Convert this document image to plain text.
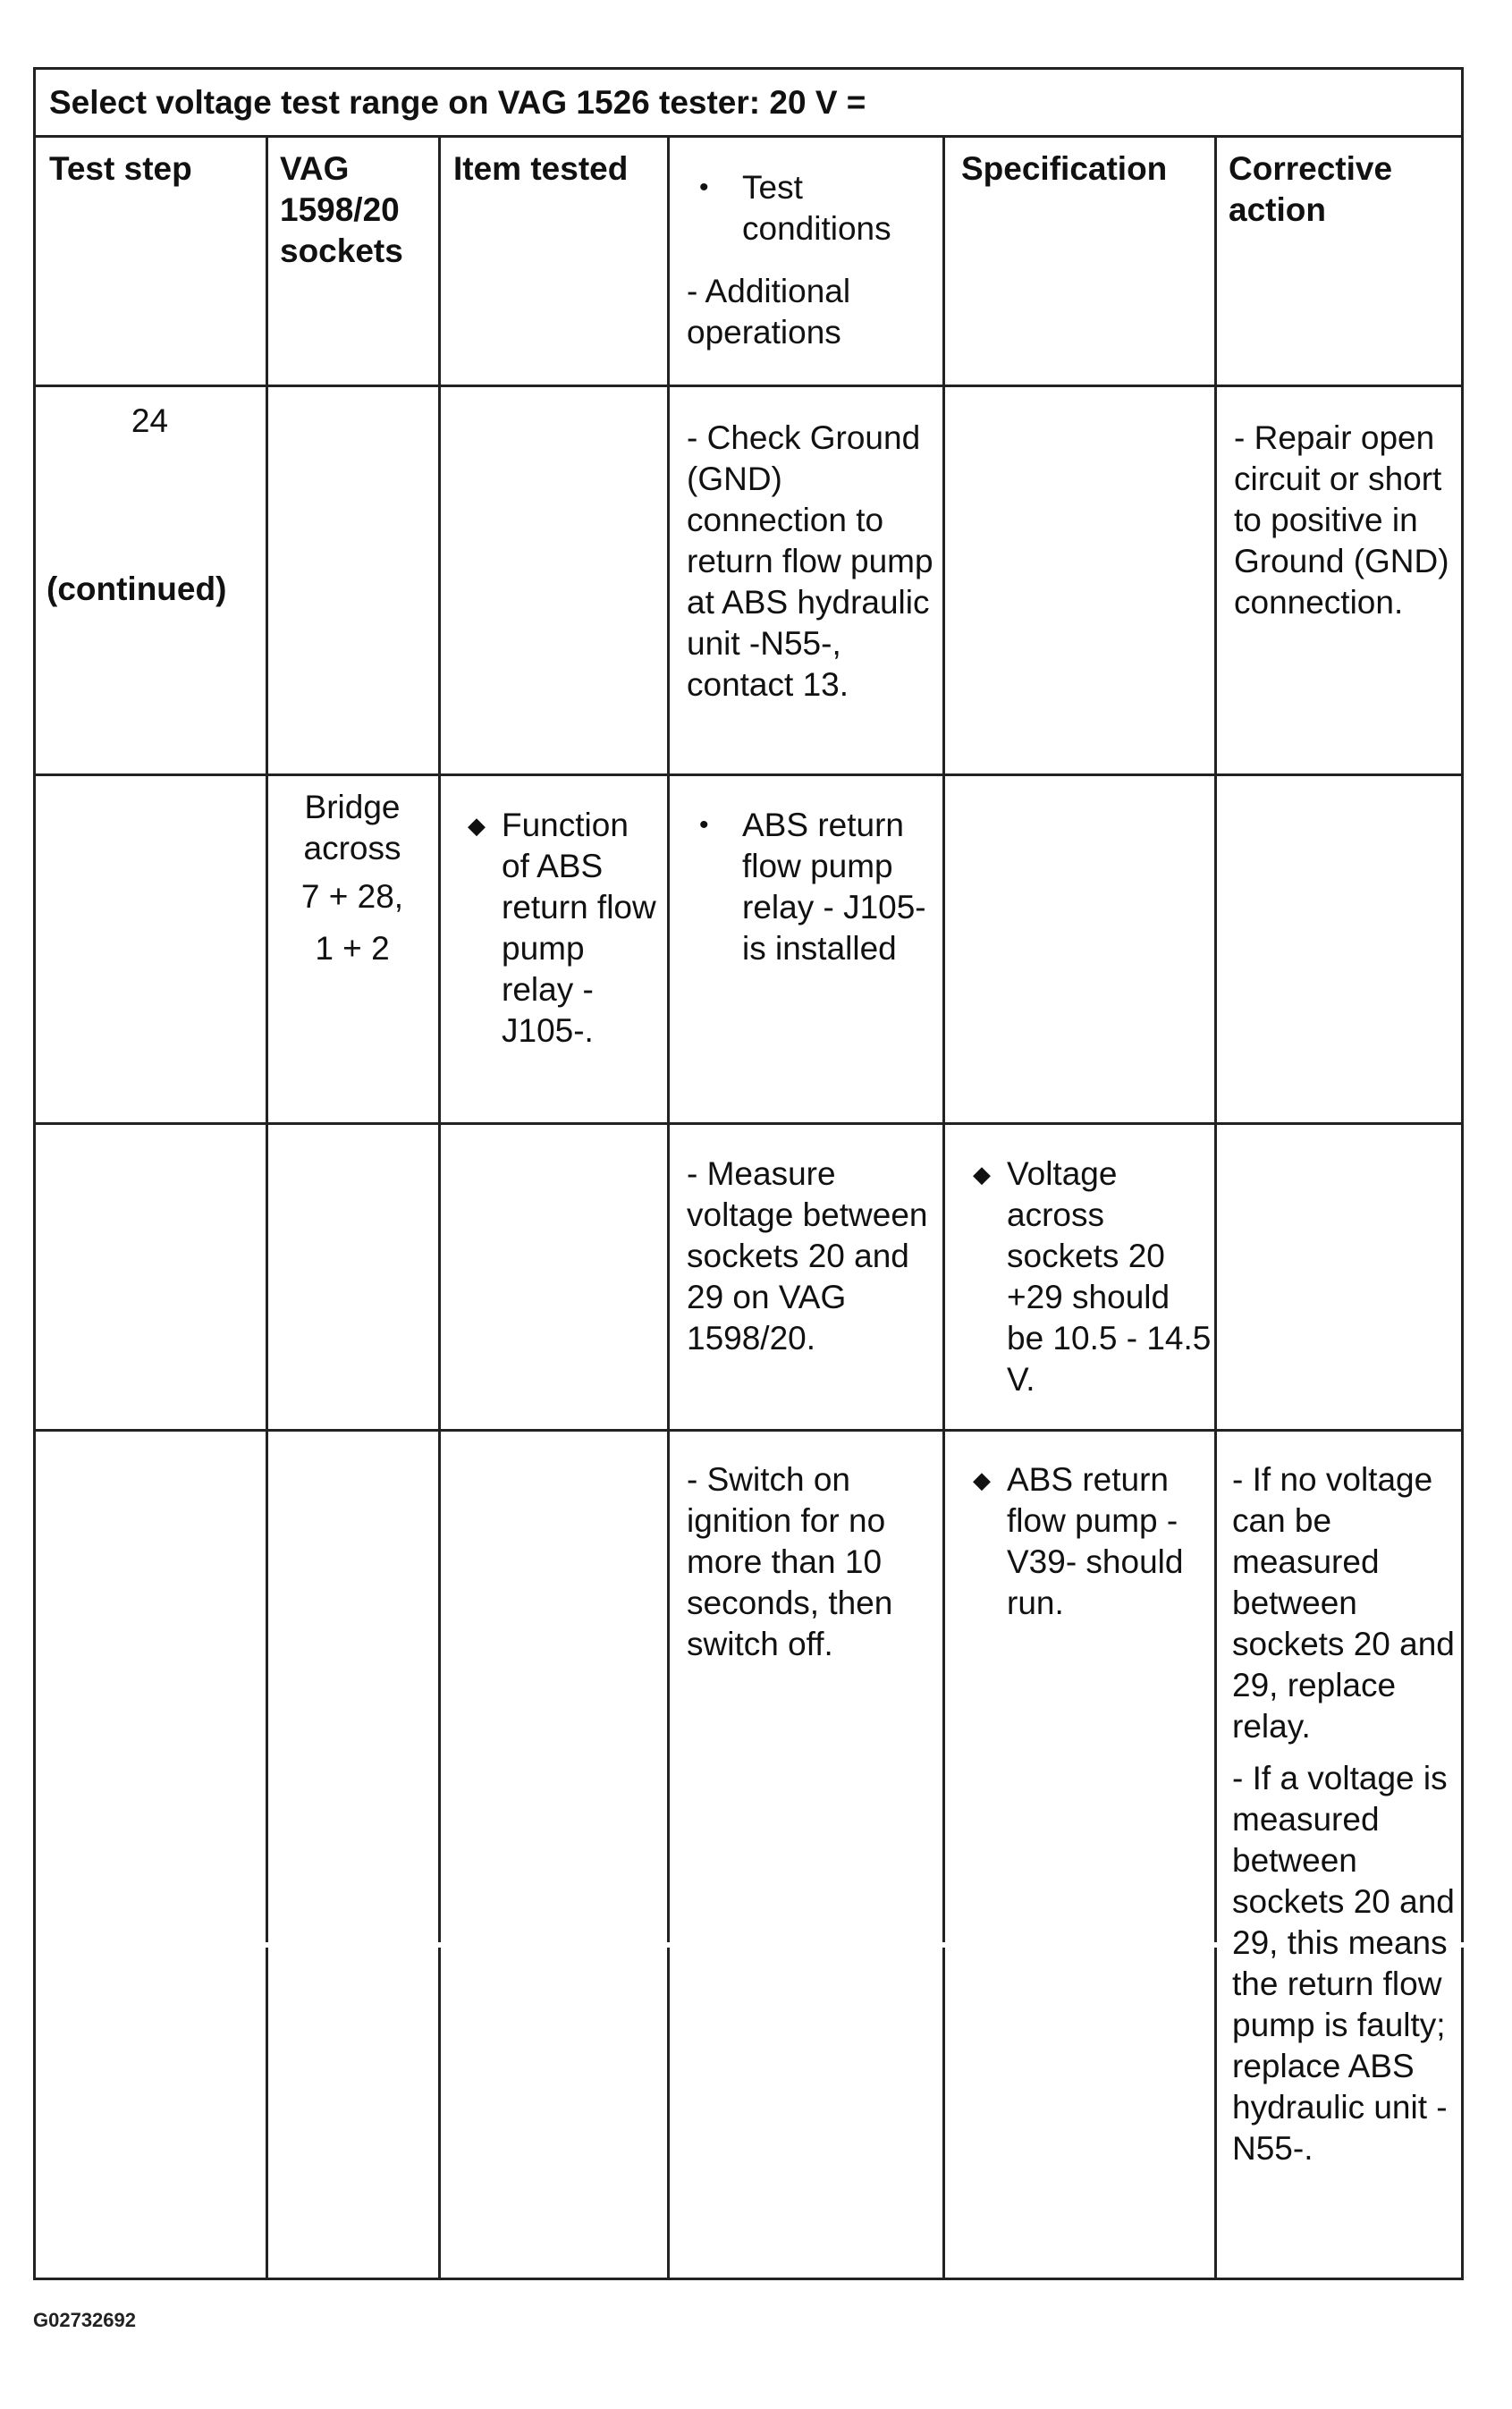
Select voltage test range on VAG 1526 tester: 20 V =
Test step	VAG 1598/20 sockets
Item tested
• Test conditions

- Additional operations

Specification	Corrective action
24
(continued)
- Check Ground (GND) connection to return flow pump at ABS hydraulic unit -N55-, contact 13.
- Repair open circuit or short to positive in Ground (GND) connection.

Bridge across

7 + 28,

1 + 2

◆ Function of ABS return flow pump relay -J105-.

• ABS return flow pump relay - J105- is installed

- Measure voltage between sockets 20 and 29 on VAG 1598/20.
◆ Voltage across sockets 20 +29 should be 10.5 - 14.5 V.

- Switch on ignition for no more than 10 seconds, then switch off.
◆ ABS return flow pump - V39- should run.

- If no voltage can be measured between sockets 20 and 29, replace relay.

- If a voltage is measured between sockets 20 and 29, this means the return flow pump is faulty; replace ABS hydraulic unit -N55-.

G02732692
